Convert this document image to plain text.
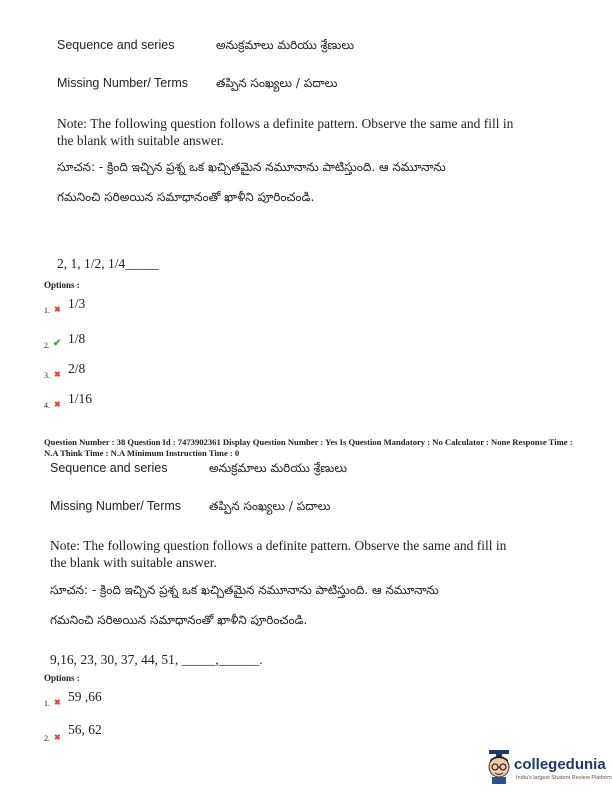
Sequence and series	అనుక్రమాలు మరియు శ్రేణులు
Missing Number/ Terms తప్పిన సంఖ్యలు / పదాలు
Note: The following question follows a definite pattern. Observe the same and fill in the blank with suitable answer.
సూచన: - క్రింది ఇచ్చిన ప్రశ్న ఒక ఖచ్చితమైన నమూనాను పాటిస్తుంది. ఆ నమూనాను
గమనించి సరిఅయిన సమాధానంతో ఖాళీని పూరించండి.
2, 1, 1/2, 1/4_____
Options :
1. ✖ 1/3
2. ✔ 1/8
3. ✖ 2/8
4. ✖ 1/16
Question Number : 38 Question Id : 7473902361 Display Question Number : Yes Is Question Mandatory : No Calculator : None Response Time : N.A Think Time : N.A Minimum Instruction Time : 0
Sequence and series	అనుక్రమాలు మరియు శ్రేణులు
Missing Number/ Terms తప్పిన సంఖ్యలు / పదాలు
Note: The following question follows a definite pattern. Observe the same and fill in the blank with suitable answer.
సూచన: - క్రింది ఇచ్చిన ప్రశ్న ఒక ఖచ్చితమైన నమూనాను పాటిస్తుంది. ఆ నమూనాను
గమనించి సరిఅయిన సమాధానంతో ఖాళీని పూరించండి.
9,16, 23, 30, 37, 44, 51, _____,______.
Options :
1. ✖ 59 ,66
2. ✖
56, 62
collegedunia
India's largest Student Review Platform
